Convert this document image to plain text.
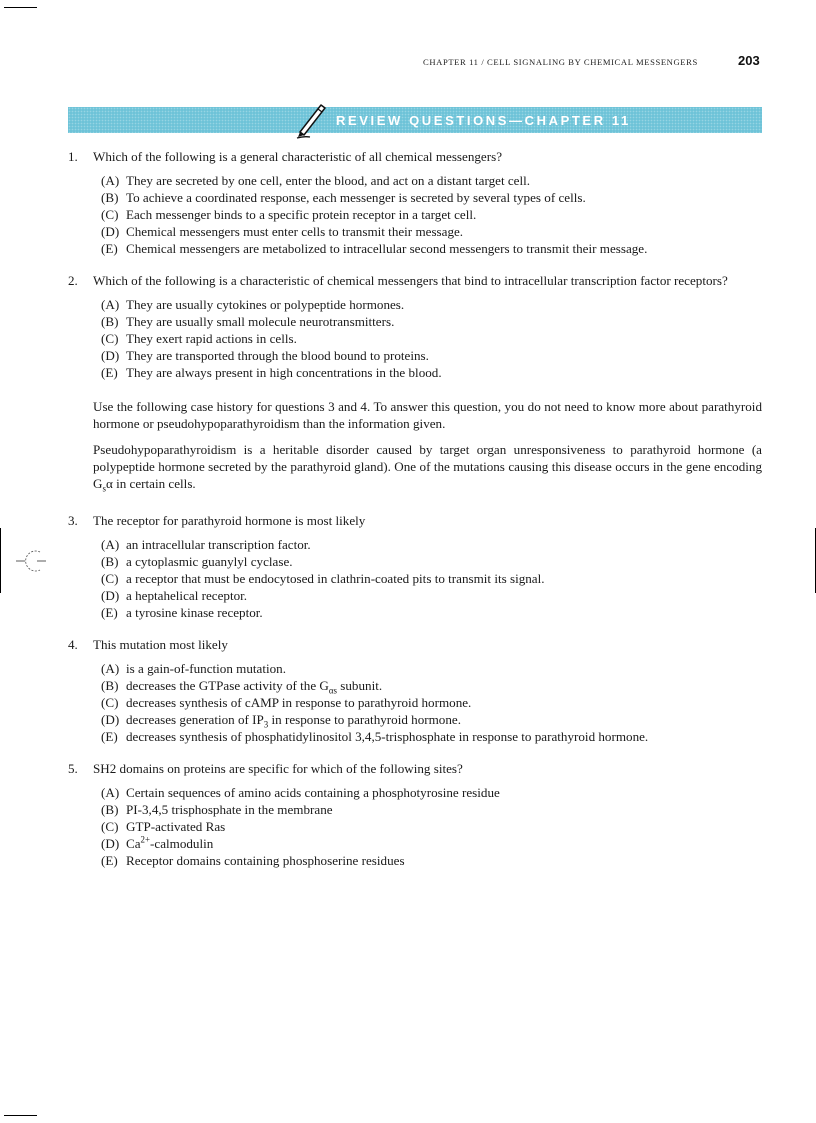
CHAPTER 11 / CELL SIGNALING BY CHEMICAL MESSENGERS	203
REVIEW QUESTIONS—CHAPTER 11
1.	Which of the following is a general characteristic of all chemical messengers?
(A) They are secreted by one cell, enter the blood, and act on a distant target cell.
(B) To achieve a coordinated response, each messenger is secreted by several types of cells.
(C) Each messenger binds to a specific protein receptor in a target cell.
(D) Chemical messengers must enter cells to transmit their message.
(E) Chemical messengers are metabolized to intracellular second messengers to transmit their message.
2.	Which of the following is a characteristic of chemical messengers that bind to intracellular transcription factor receptors?
(A) They are usually cytokines or polypeptide hormones.
(B) They are usually small molecule neurotransmitters.
(C) They exert rapid actions in cells.
(D) They are transported through the blood bound to proteins.
(E) They are always present in high concentrations in the blood.
Use the following case history for questions 3 and 4. To answer this question, you do not need to know more about parathyroid hormone or pseudohypoparathyroidism than the information given.
Pseudohypoparathyroidism is a heritable disorder caused by target organ unresponsiveness to parathyroid hormone (a polypeptide hormone secreted by the parathyroid gland). One of the mutations causing this disease occurs in the gene encoding $G_s\alpha$ in certain cells.
3.	The receptor for parathyroid hormone is most likely
(A) an intracellular transcription factor.
(B) a cytoplasmic guanylyl cyclase.
(C) a receptor that must be endocytosed in clathrin-coated pits to transmit its signal.
(D) a heptahelical receptor.
(E) a tyrosine kinase receptor.
4.	This mutation most likely
(A) is a gain-of-function mutation.
(B) decreases the GTPase activity of the $G_{\alpha s}$ subunit.
(C) decreases synthesis of cAMP in response to parathyroid hormone.
(D) decreases generation of $IP_3$ in response to parathyroid hormone.
(E) decreases synthesis of phosphatidylinositol 3,4,5-trisphosphate in response to parathyroid hormone.
5.	SH2 domains on proteins are specific for which of the following sites?
(A) Certain sequences of amino acids containing a phosphotyrosine residue
(B) PI-3,4,5 trisphosphate in the membrane
(C) GTP-activated Ras
(D) $Ca^{2+}$-calmodulin
(E) Receptor domains containing phosphoserine residues
